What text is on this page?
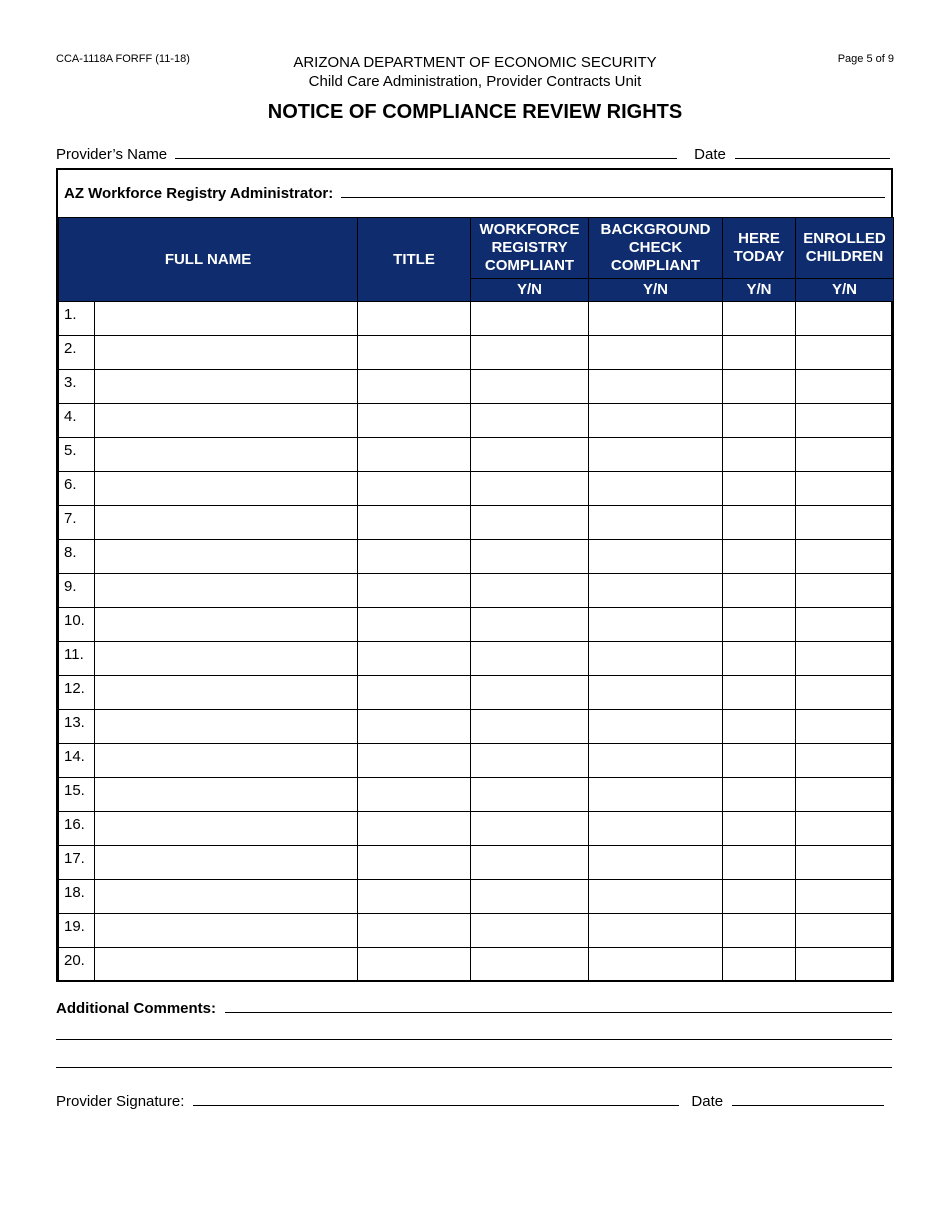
CCA-1118A FORFF (11-18)	ARIZONA DEPARTMENT OF ECONOMIC SECURITY
Child Care Administration, Provider Contracts Unit
Page 5 of 9
NOTICE OF COMPLIANCE REVIEW RIGHTS
Provider’s Name	Date
AZ Workforce Registry Administrator:
FULL NAME		TITLE	WORKFORCE REGISTRY COMPLIANT	BACKGROUND CHECK COMPLIANT	HERE TODAY	ENROLLED CHILDREN
			Y/N	Y/N	Y/N	Y/N
1.						
2.						
3.						
4.						
5.						
6.						
7.						
8.						
9.						
10.						
11.						
12.						
13.						
14.						
15.						
16.						
17.						
18.						
19.						
20.						
Additional Comments:
Provider Signature:	Date
